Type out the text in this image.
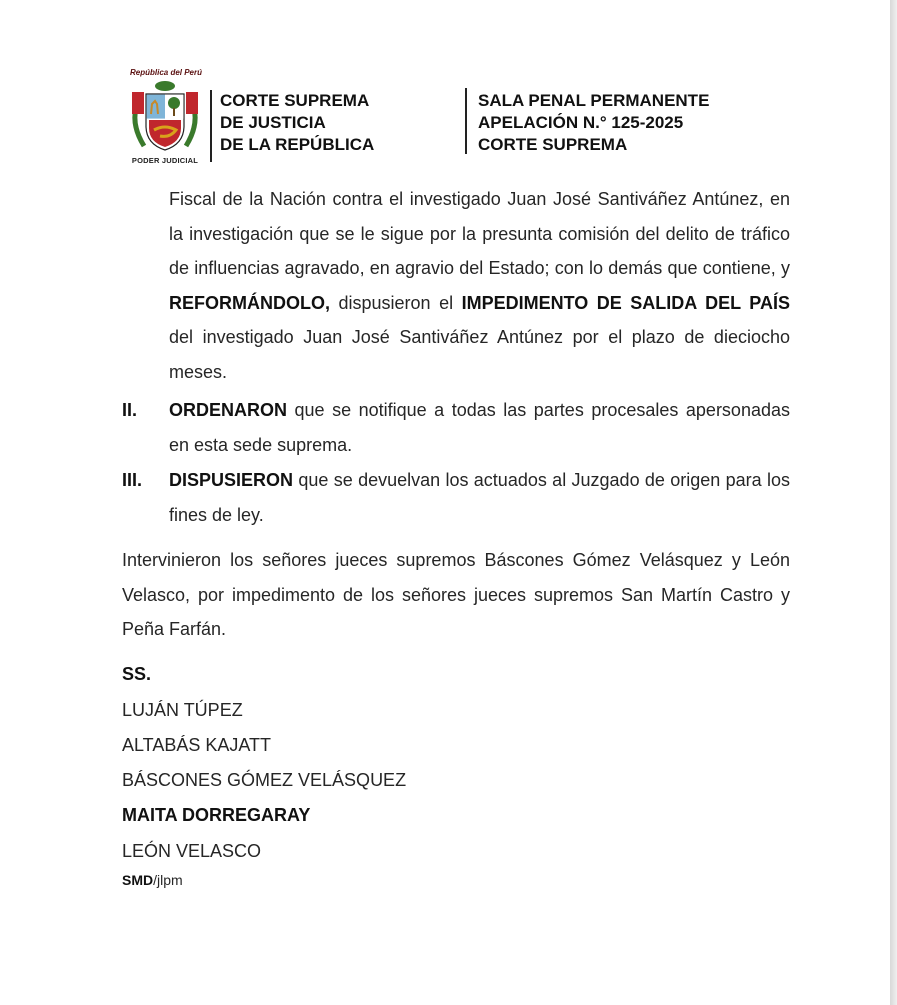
República del Perú
PODER JUDICIAL
CORTE SUPREMA
DE JUSTICIA
DE LA REPÚBLICA
SALA PENAL PERMANENTE
APELACIÓN N.° 125-2025
CORTE SUPREMA
Fiscal de la Nación contra el investigado Juan José Santiváñez Antúnez, en la investigación que se le sigue por la presunta comisión del delito de tráfico de influencias agravado, en agravio del Estado; con lo demás que contiene, y REFORMÁNDOLO, dispusieron el IMPEDIMENTO DE SALIDA DEL PAÍS del investigado Juan José Santiváñez Antúnez por el plazo de dieciocho meses.
II. ORDENARON que se notifique a todas las partes procesales apersonadas en esta sede suprema.
III. DISPUSIERON que se devuelvan los actuados al Juzgado de origen para los fines de ley.
Intervinieron los señores jueces supremos Báscones Gómez Velásquez y León Velasco, por impedimento de los señores jueces supremos San Martín Castro y Peña Farfán.
SS.
LUJÁN TÚPEZ
ALTABÁS KAJATT
BÁSCONES GÓMEZ VELÁSQUEZ
MAITA DORREGARAY
LEÓN VELASCO
SMD/jlpm
